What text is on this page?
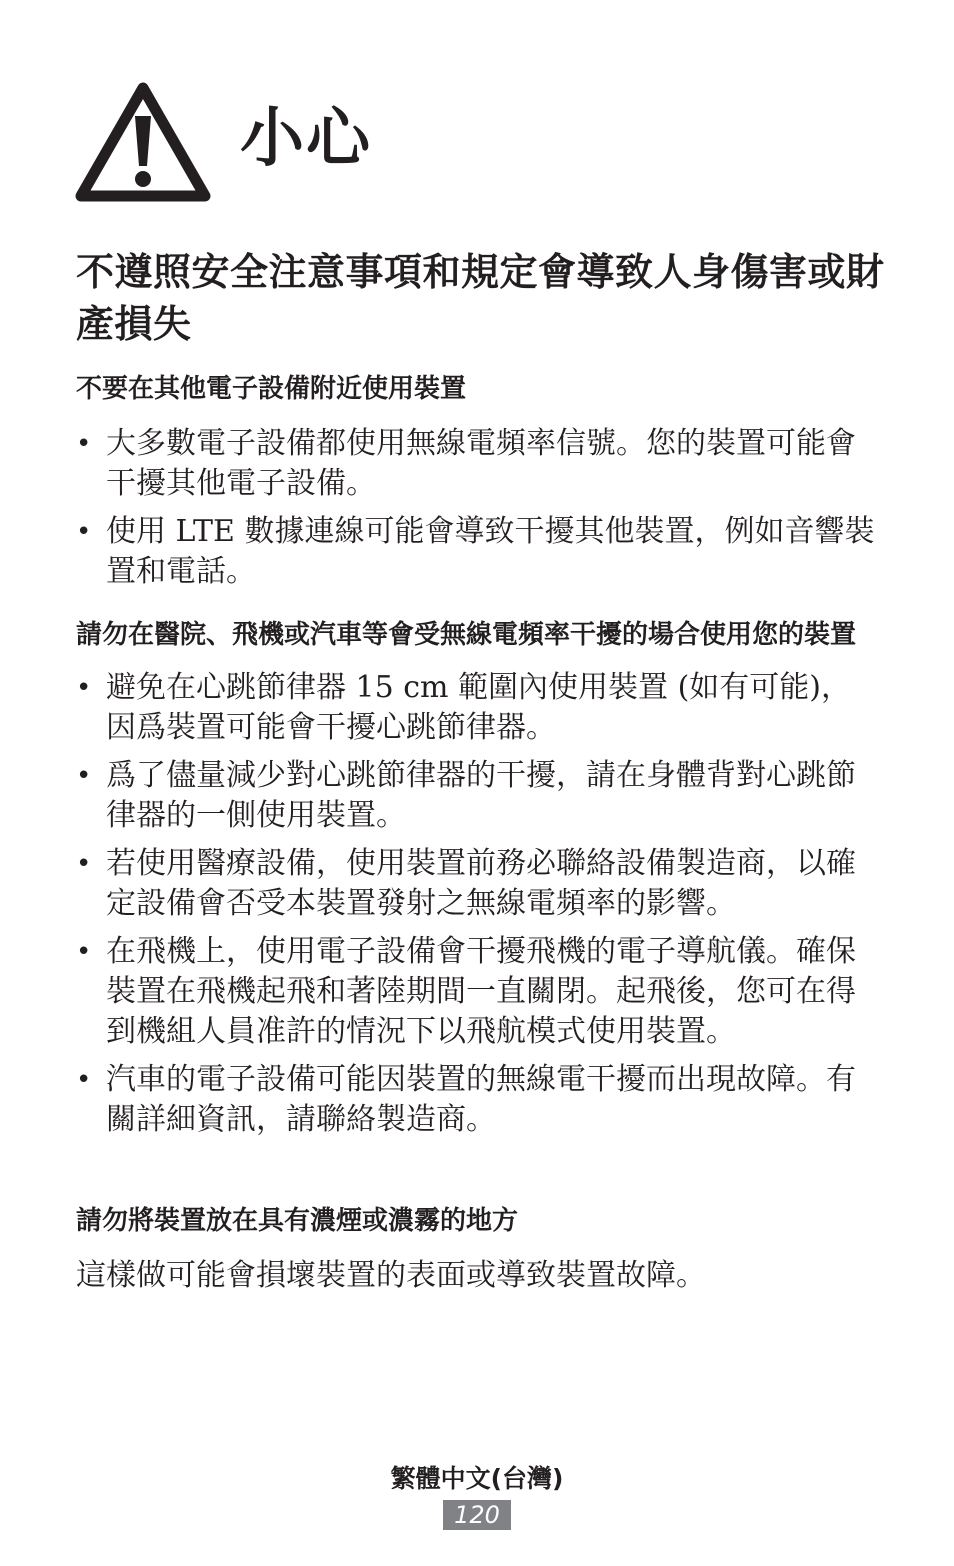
小心
不遵照安全注意事項和規定會導致人身傷害或財產損失
不要在其他電子設備附近使用裝置
• 大多數電子設備都使用無線電頻率信號。您的裝置可能會干擾其他電子設備。
• 使用 LTE 數據連線可能會導致干擾其他裝置，例如音響裝置和電話。
請勿在醫院、飛機或汽車等會受無線電頻率干擾的場合使用您的裝置
• 避免在心跳節律器 15 cm 範圍內使用裝置 (如有可能)，因爲裝置可能會干擾心跳節律器。
• 爲了儘量減少對心跳節律器的干擾，請在身體背對心跳節律器的一側使用裝置。
• 若使用醫療設備，使用裝置前務必聯絡設備製造商，以確定設備會否受本裝置發射之無線電頻率的影響。
• 在飛機上，使用電子設備會干擾飛機的電子導航儀。確保裝置在飛機起飛和著陸期間一直關閉。起飛後，您可在得到機組人員准許的情況下以飛航模式使用裝置。
• 汽車的電子設備可能因裝置的無線電干擾而出現故障。有關詳細資訊，請聯絡製造商。
請勿將裝置放在具有濃煙或濃霧的地方

這樣做可能會損壞裝置的表面或導致裝置故障。

繁體中文(台灣)
120
